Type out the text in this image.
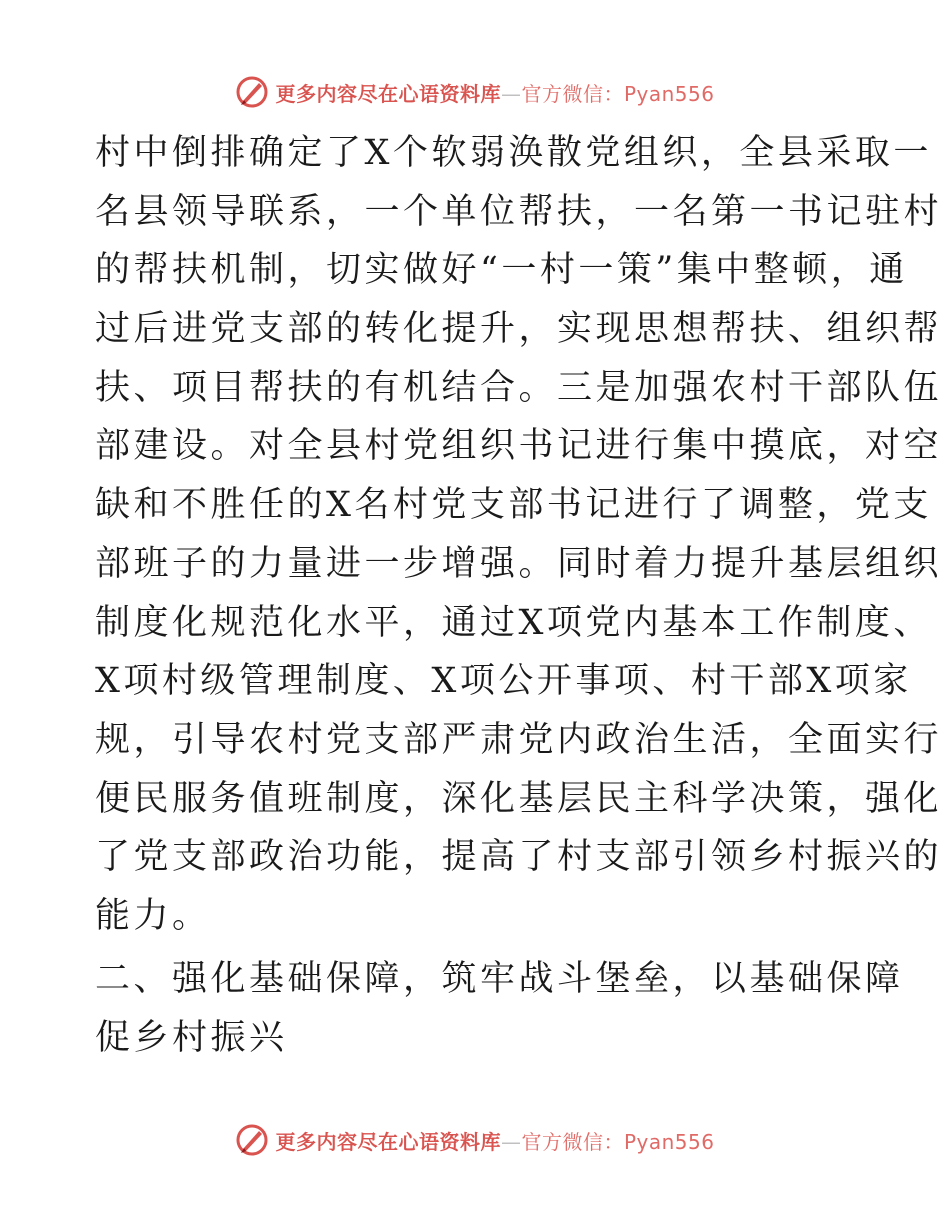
更多内容尽在心语资料库—官方微信：Pyan556
村中倒排确定了X个软弱涣散党组织，全县采取一
名县领导联系，一个单位帮扶，一名第一书记驻村
的帮扶机制，切实做好“一村一策”集中整顿，通
过后进党支部的转化提升，实现思想帮扶、组织帮
扶、项目帮扶的有机结合。三是加强农村干部队伍
部建设。对全县村党组织书记进行集中摸底，对空
缺和不胜任的X名村党支部书记进行了调整，党支
部班子的力量进一步增强。同时着力提升基层组织
制度化规范化水平，通过X项党内基本工作制度、
X项村级管理制度、X项公开事项、村干部X项家
规，引导农村党支部严肃党内政治生活，全面实行
便民服务值班制度，深化基层民主科学决策，强化
了党支部政治功能，提高了村支部引领乡村振兴的
能力。
二、强化基础保障，筑牢战斗堡垒，以基础保障
促乡村振兴
更多内容尽在心语资料库—官方微信：Pyan556
